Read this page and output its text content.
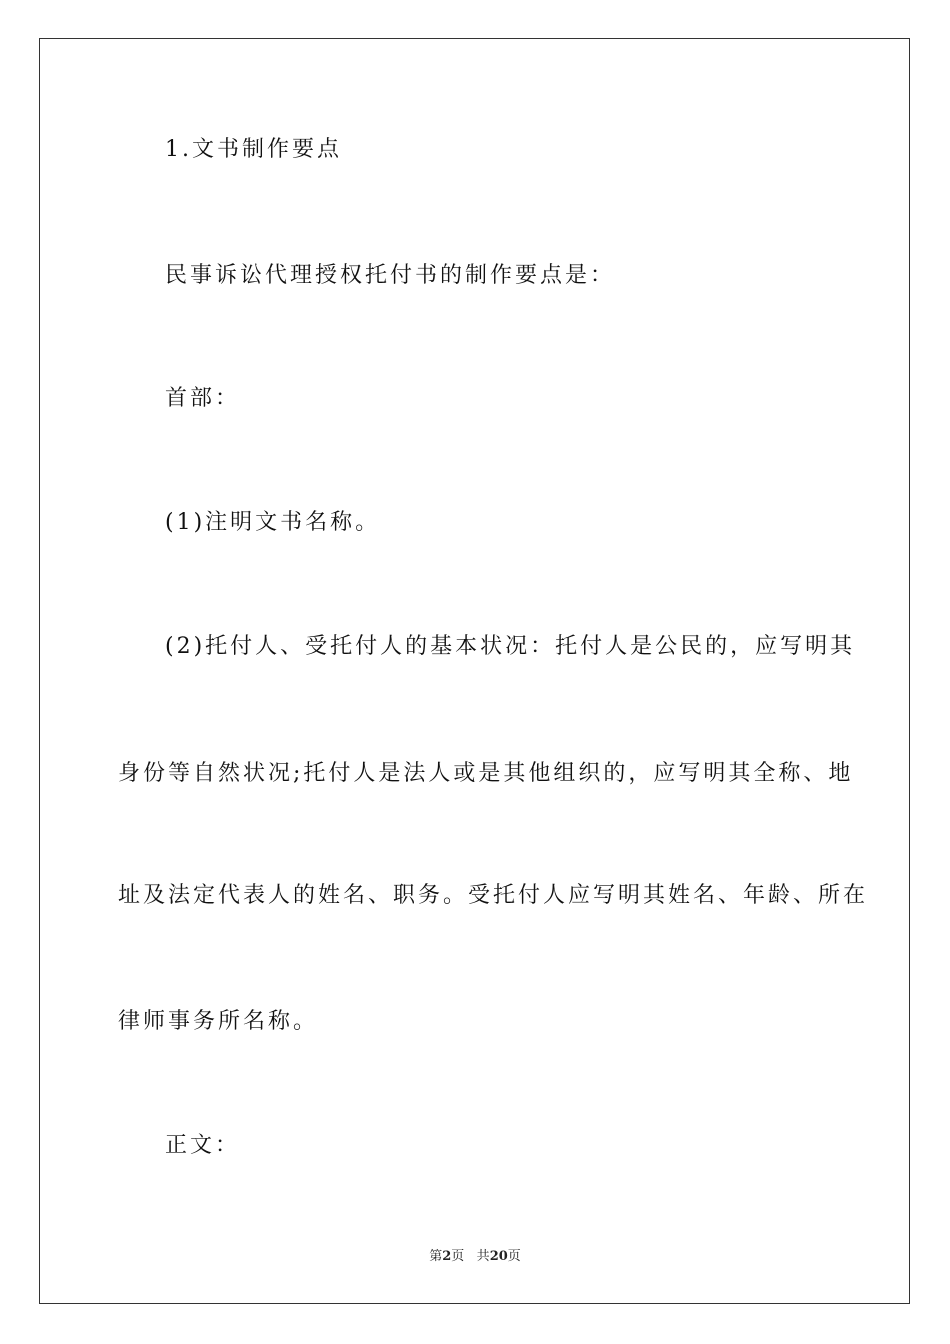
1.文书制作要点
民事诉讼代理授权托付书的制作要点是：
首部：
(1)注明文书名称。
(2)托付人、受托付人的基本状况：托付人是公民的，应写明其
身份等自然状况;托付人是法人或是其他组织的，应写明其全称、地
址及法定代表人的姓名、职务。受托付人应写明其姓名、年龄、所在
律师事务所名称。
正文：
第2页 共20页
